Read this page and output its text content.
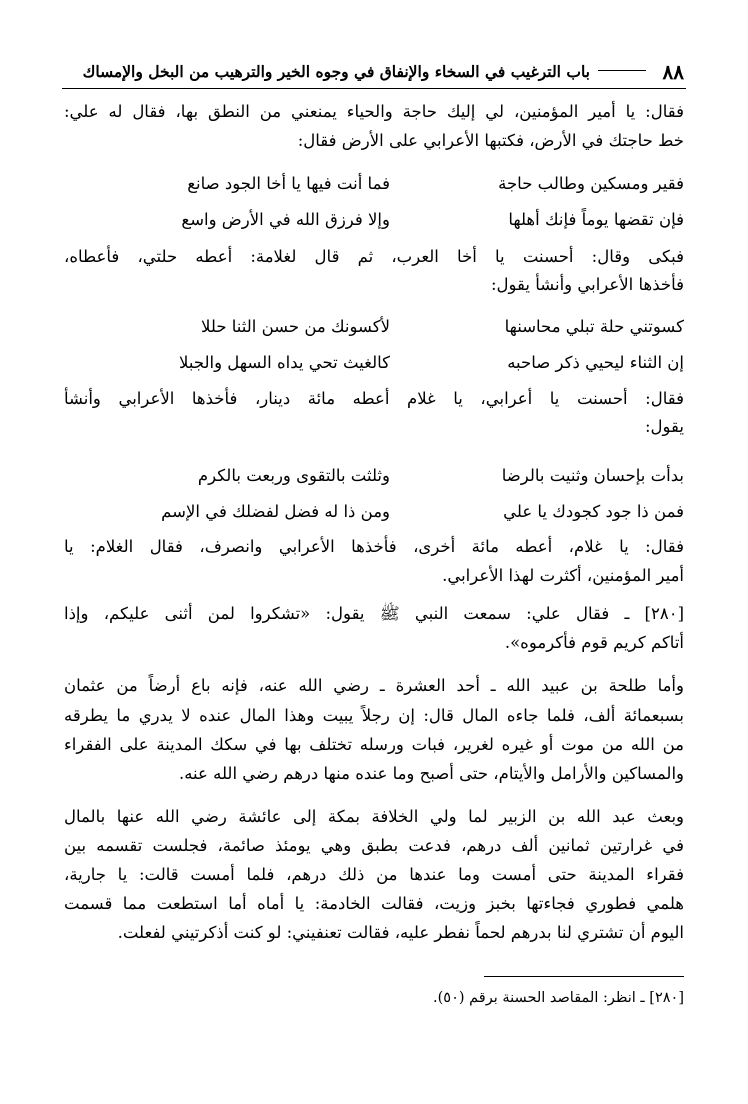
٨٨
باب الترغيب في السخاء والإنفاق في وجوه الخير والترهيب من البخل والإمساك
فقال: يا أمير المؤمنين، لي إليك حاجة والحياء يمنعني من النطق بها، فقال له علي:
خط حاجتك في الأرض، فكتبها الأعرابي على الأرض فقال:
فقير ومسكين وطالب حاجة
فما أنت فيها يا أخا الجود صانع
فإن تقضها يوماً فإنك أهلها
وإلا فرزق الله في الأرض واسع
فبكى وقال: أحسنت يا أخا العرب، ثم قال لغلامة: أعطه حلتي، فأعطاه،
فأخذها الأعرابي وأنشأ يقول:
كسوتني حلة تبلي محاسنها
لأكسونك من حسن الثنا حللا
إن الثناء ليحيي ذكر صاحبه
كالغيث تحي يداه السهل والجبلا
فقال: أحسنت يا أعرابي، يا غلام أعطه مائة دينار، فأخذها الأعرابي وأنشأ
يقول:
بدأت بإحسان وثنيت بالرضا
وثلثت بالتقوى وربعت بالكرم
فمن ذا جود كجودك يا علي
ومن ذا له فضل لفضلك في الإسم
فقال: يا غلام، أعطه مائة أخرى، فأخذها الأعرابي وانصرف، فقال الغلام: يا
أمير المؤمنين، أكثرت لهذا الأعرابي.
[٢٨٠] ـ فقال علي: سمعت النبي ﷺ يقول: «تشكروا لمن أثنى عليكم، وإذا
أتاكم كريم قوم فأكرموه».
وأما طلحة بن عبيد الله ـ أحد العشرة ـ رضي الله عنه، فإنه باع أرضاً من عثمان
بسبعمائة ألف، فلما جاءه المال قال: إن رجلاً يبيت وهذا المال عنده لا يدري ما يطرقه
من الله من موت أو غيره لغرير، فبات ورسله تختلف بها في سكك المدينة على الفقراء
والمساكين والأرامل والأيتام، حتى أصبح وما عنده منها درهم رضي الله عنه.
وبعث عبد الله بن الزبير لما ولي الخلافة بمكة إلى عائشة رضي الله عنها بالمال
في غرارتين ثمانين ألف درهم، فدعت بطبق وهي يومئذ صائمة، فجلست تقسمه بين
فقراء المدينة حتى أمست وما عندها من ذلك درهم، فلما أمست قالت: يا جارية،
هلمي فطوري فجاءتها بخبز وزيت، فقالت الخادمة: يا أماه أما استطعت مما قسمت
اليوم أن تشتري لنا بدرهم لحماً نفطر عليه، فقالت تعنفيني: لو كنت أذكرتيني لفعلت.
[٢٨٠] ـ انظر: المقاصد الحسنة برقم (٥٠).
